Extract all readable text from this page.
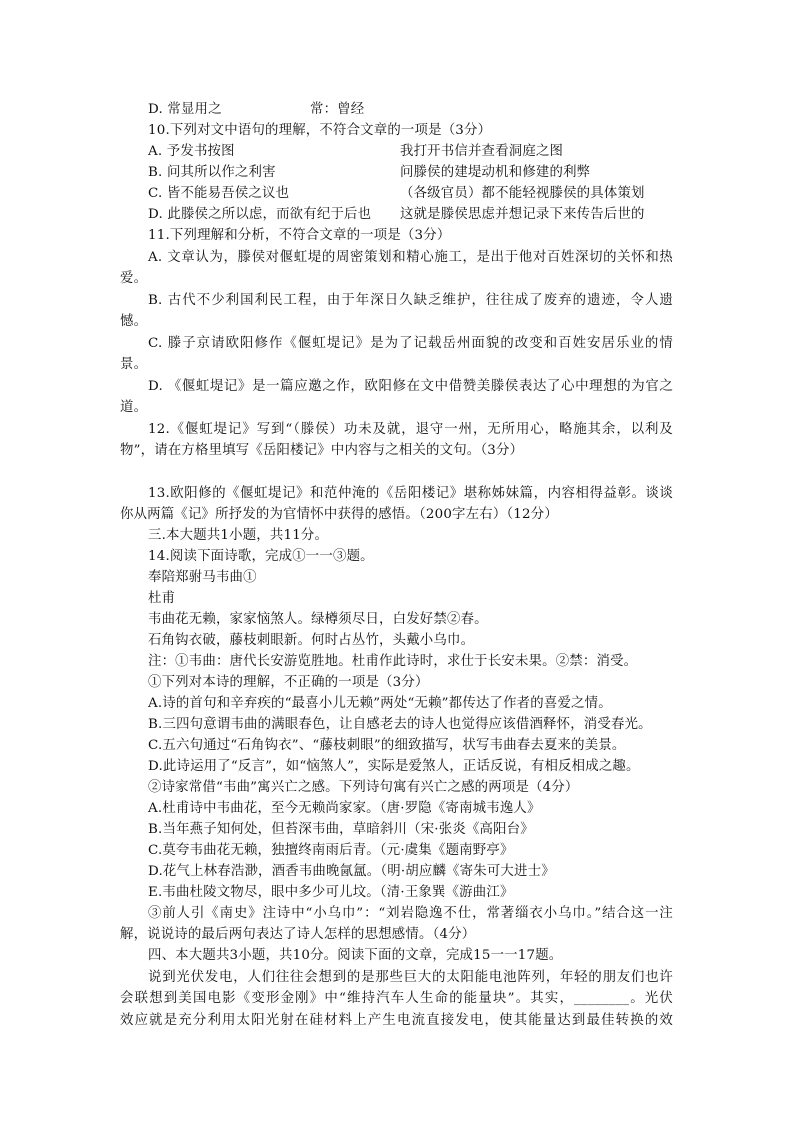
D. 常显用之	常：曾经
10.下列对文中语句的理解，不符合文章的一项是（3分）
A. 予发书按图	我打开书信并查看洞庭之图
B. 问其所以作之利害	问滕侯的建堤动机和修建的利弊
C. 皆不能易吾侯之议也	（各级官员）都不能轻视滕侯的具体策划
D. 此滕侯之所以虑，而欲有纪于后也 这就是滕侯思虑并想记录下来传告后世的
11.下列理解和分析，不符合文章的一项是（3分）
A. 文章认为，滕侯对偃虹堤的周密策划和精心施工，是出于他对百姓深切的关怀和热
爱。
B. 古代不少利国利民工程，由于年深日久缺乏维护，往往成了废弃的遗迹，令人遗
憾。
C. 滕子京请欧阳修作《偃虹堤记》是为了记载岳州面貌的改变和百姓安居乐业的情
景。
D. 《偃虹堤记》是一篇应邀之作，欧阳修在文中借赞美滕侯表达了心中理想的为官之
道。
12.《偃虹堤记》写到“（滕侯）功未及就，退守一州，无所用心，略施其余，以利及
物”，请在方格里填写《岳阳楼记》中内容与之相关的文句。（3分）
13.欧阳修的《偃虹堤记》和范仲淹的《岳阳楼记》堪称姊妹篇，内容相得益彰。谈谈
你从两篇《记》所抒发的为官情怀中获得的感悟。（200字左右）（12分）
三.本大题共1小题，共11分。
14.阅读下面诗歌，完成①一一③题。
奉陪郑驸马韦曲①
杜甫
韦曲花无赖，家家恼煞人。绿樽须尽日，白发好禁②春。
石角钩衣破，藤枝刺眼新。何时占丛竹，头戴小乌巾。
注：①韦曲：唐代长安游览胜地。杜甫作此诗时，求仕于长安未果。②禁：消受。
①下列对本诗的理解，不正确的一项是（3分）
A.诗的首句和辛弃疾的“最喜小儿无赖”两处“无赖”都传达了作者的喜爱之情。
B.三四句意谓韦曲的满眼春色，让自感老去的诗人也觉得应该借酒释怀，消受春光。
C.五六句通过“石角钩衣”、“藤枝刺眼”的细致描写，状写韦曲春去夏来的美景。
D.此诗运用了“反言”，如“恼煞人”，实际是爱煞人，正话反说，有相反相成之趣。
②诗家常借“韦曲”寓兴亡之感。下列诗句寓有兴亡之感的两项是（4分）
A.杜甫诗中韦曲花，至今无赖尚家家。（唐·罗隐《寄南城韦逸人》
B.当年燕子知何处，但苔深韦曲，草暗斜川（宋·张炎《高阳台》
C.莫夸韦曲花无赖，独擅终南雨后青。（元·虞集《题南野亭》
D.花气上林春浩渺，酒香韦曲晚氤氲。（明·胡应麟《寄朱可大进士》
E.韦曲杜陵文物尽，眼中多少可儿坟。（清·王象巽《游曲江》
③前人引《南史》注诗中“小乌巾”：“刘岩隐逸不仕，常著缁衣小乌巾。”结合这一注
解，说说诗的最后两句表达了诗人怎样的思想感情。（4分）
四、本大题共3小题，共10分。阅读下面的文章，完成15一一17题。
说到光伏发电，人们往往会想到的是那些巨大的太阳能电池阵列，年轻的朋友们也许
会联想到美国电影《变形金刚》中“维持汽车人生命的能量块”。其实，________。光伏
效应就是充分利用太阳光射在硅材料上产生电流直接发电，使其能量达到最佳转换的效
